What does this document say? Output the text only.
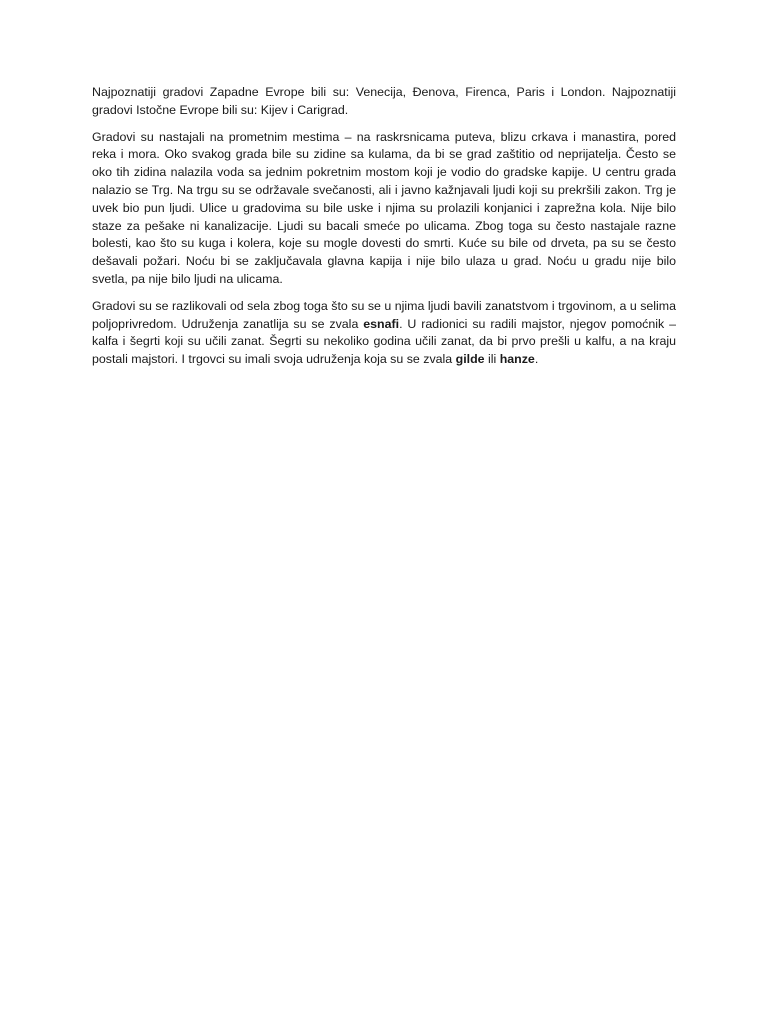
Najpoznatiji gradovi Zapadne Evrope bili su: Venecija, Đenova, Firenca, Paris i London. Najpoznatiji gradovi Istočne Evrope bili su: Kijev i Carigrad.

Gradovi su nastajali na prometnim mestima – na raskrsnicama puteva, blizu crkava i manastira, pored reka i mora. Oko svakog grada bile su zidine sa kulama, da bi se grad zaštitio od neprijatelja. Često se oko tih zidina nalazila voda sa jednim pokretnim mostom koji je vodio do gradske kapije. U centru grada nalazio se Trg. Na trgu su se održavale svečanosti, ali i javno kažnjavali ljudi koji su prekršili zakon. Trg je uvek bio pun ljudi. Ulice u gradovima su bile uske i njima su prolazili konjanici i zaprežna kola. Nije bilo staze za pešake ni kanalizacije. Ljudi su bacali smeće po ulicama. Zbog toga su često nastajale razne bolesti, kao što su kuga i kolera, koje su mogle dovesti do smrti. Kuće su bile od drveta, pa su se često dešavali požari. Noću bi se zaključavala glavna kapija i nije bilo ulaza u grad. Noću u gradu nije bilo svetla, pa nije bilo ljudi na ulicama.

Gradovi su se razlikovali od sela zbog toga što su se u njima ljudi bavili zanatstvom i trgovinom, a u selima poljoprivredom. Udruženja zanatlija su se zvala esnafi. U radionici su radili majstor, njegov pomoćnik – kalfa i šegrti koji su učili zanat. Šegrti su nekoliko godina učili zanat, da bi prvo prešli u kalfu, a na kraju postali majstori. I trgovci su imali svoja udruženja koja su se zvala gilde ili hanze.
